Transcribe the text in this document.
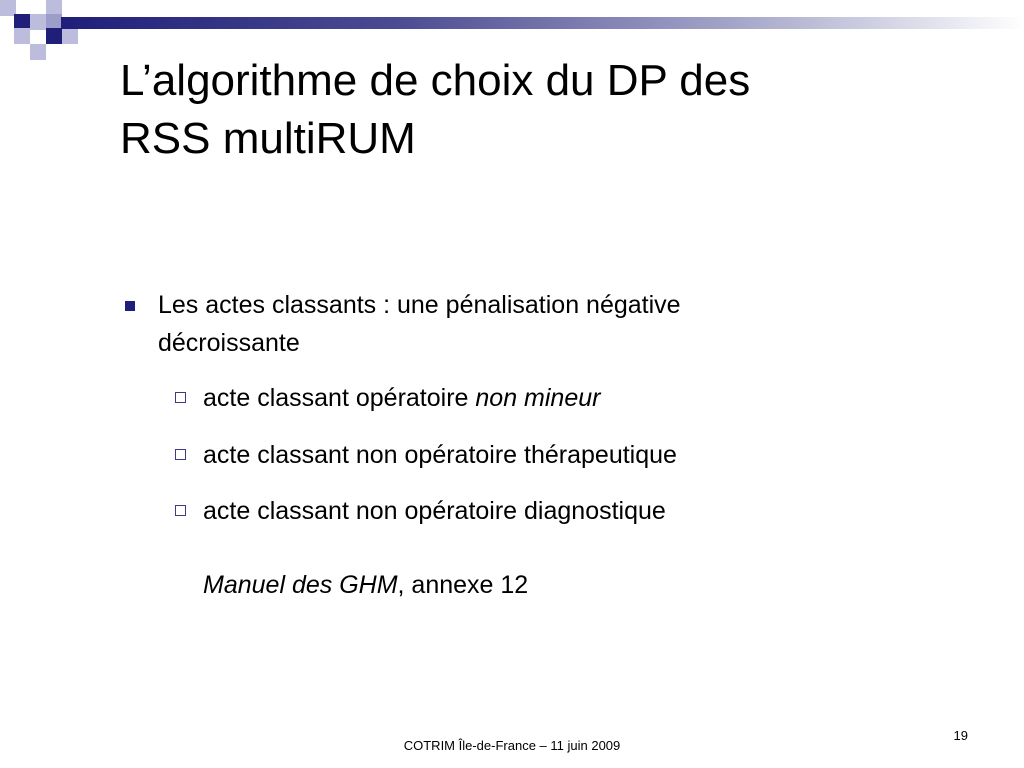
L’algorithme de choix du DP des
RSS multiRUM
Les actes classants : une pénalisation négative
décroissante
acte classant opératoire non mineur
acte classant non opératoire thérapeutique
acte classant non opératoire diagnostique
Manuel des GHM, annexe 12
COTRIM Île-de-France – 11 juin 2009
19
